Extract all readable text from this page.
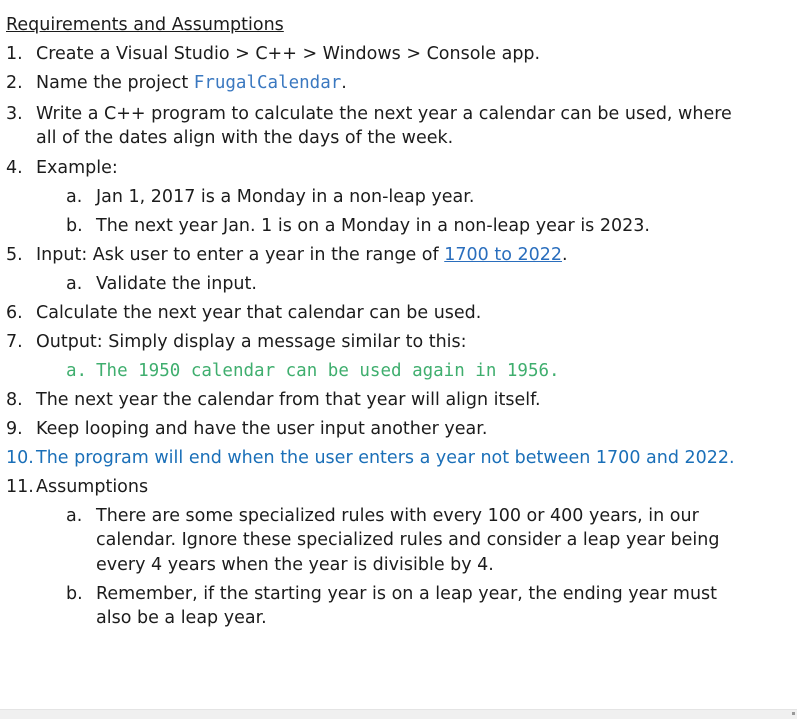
Requirements and Assumptions
1. Create a Visual Studio > C++ > Windows > Console app.
2. Name the project FrugalCalendar.
3. Write a C++ program to calculate the next year a calendar can be used, where
all of the dates align with the days of the week.
4. Example:
a. Jan 1, 2017 is a Monday in a non-leap year.
b. The next year Jan. 1 is on a Monday in a non-leap year is 2023.
5. Input: Ask user to enter a year in the range of 1700 to 2022.
a. Validate the input.
6. Calculate the next year that calendar can be used.
7. Output: Simply display a message similar to this:
a. The 1950 calendar can be used again in 1956.
8. The next year the calendar from that year will align itself.
9. Keep looping and have the user input another year.
10. The program will end when the user enters a year not between 1700 and 2022.
11. Assumptions
a. There are some specialized rules with every 100 or 400 years, in our
calendar. Ignore these specialized rules and consider a leap year being
every 4 years when the year is divisible by 4.
b. Remember, if the starting year is on a leap year, the ending year must
also be a leap year.
